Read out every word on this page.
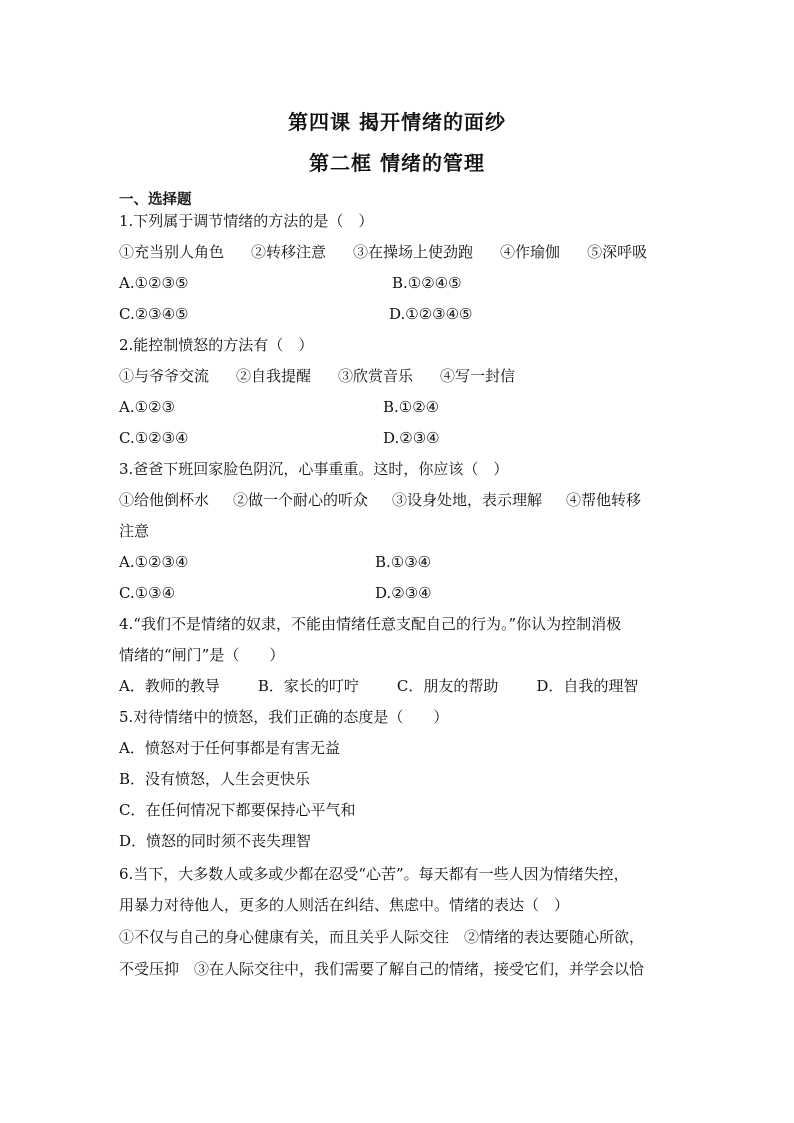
第四课 揭开情绪的面纱
第二框 情绪的管理
一、选择题
1.下列属于调节情绪的方法的是（　）
①充当别人角色 ②转移注意 ③在操场上使劲跑 ④作瑜伽 ⑤深呼吸
A.①②③⑤	B.①②④⑤
C.②③④⑤	D.①②③④⑤
2.能控制愤怒的方法有（　）
①与爷爷交流 ②自我提醒 ③欣赏音乐 ④写一封信
A.①②③	B.①②④
C.①②③④	D.②③④
3.爸爸下班回家脸色阴沉，心事重重。这时，你应该（　）
①给他倒杯水 ②做一个耐心的听众 ③设身处地，表示理解 ④帮他转移
注意
A.①②③④	B.①③④
C.①③④	D.②③④
4.“我们不是情绪的奴隶，不能由情绪任意支配自己的行为。”你认为控制消极
情绪的“闸门”是（　　）
A．教师的教导	B．家长的叮咛	C．朋友的帮助	D．自我的理智
5.对待情绪中的愤怒，我们正确的态度是（　　）
A．愤怒对于任何事都是有害无益
B．没有愤怒，人生会更快乐
C．在任何情况下都要保持心平气和
D．愤怒的同时须不丧失理智
6.当下，大多数人或多或少都在忍受“心苦”。每天都有一些人因为情绪失控，
用暴力对待他人，更多的人则活在纠结、焦虑中。情绪的表达（　）
①不仅与自己的身心健康有关，而且关乎人际交往　②情绪的表达要随心所欲，
不受压抑　③在人际交往中，我们需要了解自己的情绪，接受它们，并学会以恰
